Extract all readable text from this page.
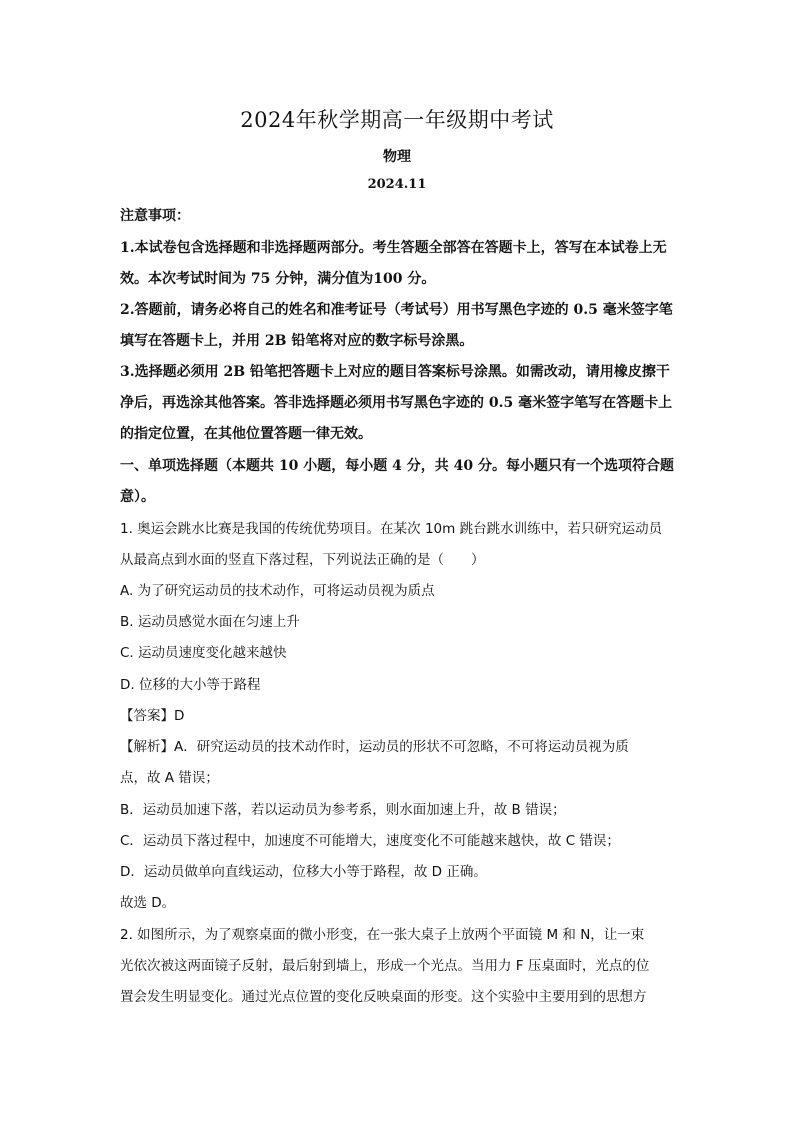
2024年秋学期高一年级期中考试
物理
2024.11
注意事项：
1.本试卷包含选择题和非选择题两部分。考生答题全部答在答题卡上，答写在本试卷上无
效。本次考试时间为 75 分钟，满分值为100 分。
2.答题前，请务必将自己的姓名和准考证号（考试号）用书写黑色字迹的 0.5 毫米签字笔
填写在答题卡上，并用 2B 铅笔将对应的数字标号涂黑。
3.选择题必须用 2B 铅笔把答题卡上对应的题目答案标号涂黑。如需改动，请用橡皮擦干
净后，再选涂其他答案。答非选择题必须用书写黑色字迹的 0.5 毫米签字笔写在答题卡上
的指定位置，在其他位置答题一律无效。
一、单项选择题（本题共 10 小题，每小题 4 分，共 40 分。每小题只有一个选项符合题
意）。
1. 奥运会跳水比赛是我国的传统优势项目。在某次 10m 跳台跳水训练中，若只研究运动员
从最高点到水面的竖直下落过程，下列说法正确的是（　　）
A. 为了研究运动员的技术动作，可将运动员视为质点
B. 运动员感觉水面在匀速上升
C. 运动员速度变化越来越快
D. 位移的大小等于路程
【答案】D
【解析】A．研究运动员的技术动作时，运动员的形状不可忽略，不可将运动员视为质
点，故 A 错误；
B．运动员加速下落，若以运动员为参考系，则水面加速上升，故 B 错误；
C．运动员下落过程中，加速度不可能增大，速度变化不可能越来越快，故 C 错误；
D．运动员做单向直线运动，位移大小等于路程，故 D 正确。
故选 D。
2. 如图所示，为了观察桌面的微小形变，在一张大桌子上放两个平面镜 M 和 N，让一束
光依次被这两面镜子反射，最后射到墙上，形成一个光点。当用力 F 压桌面时，光点的位
置会发生明显变化。通过光点位置的变化反映桌面的形变。这个实验中主要用到的思想方
